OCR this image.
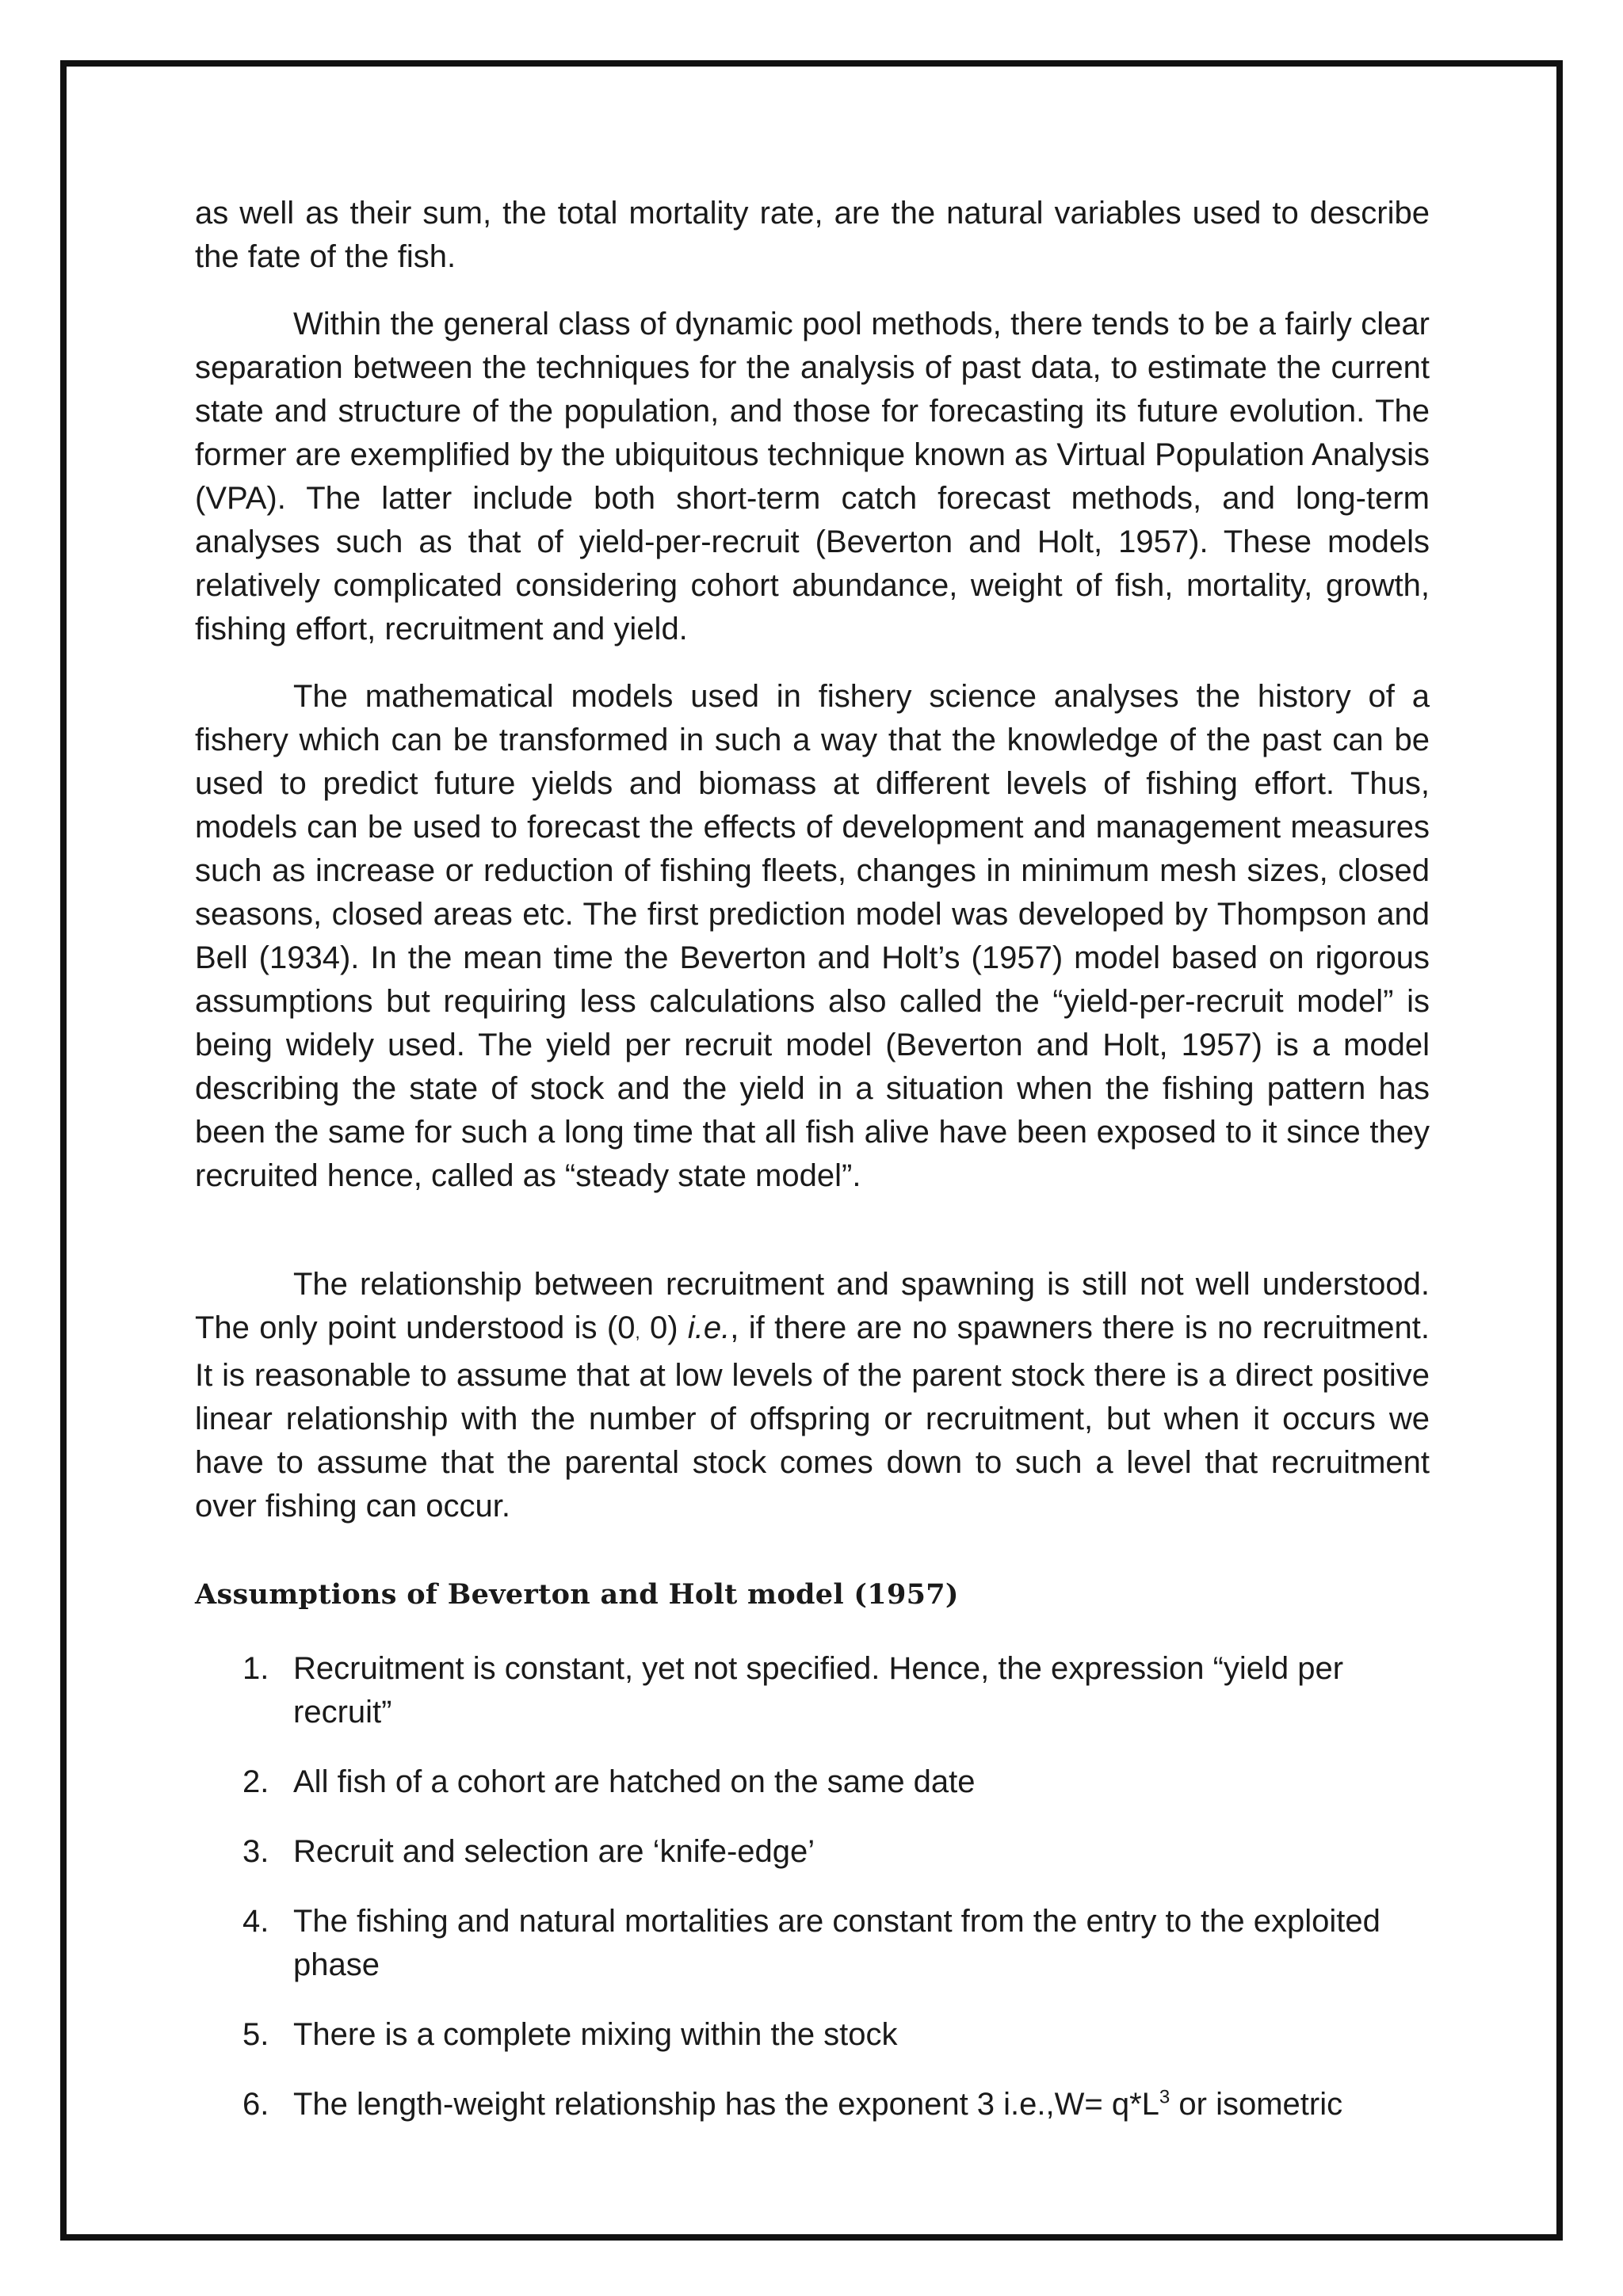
as well as their sum, the total mortality rate, are the natural variables used to describe the fate of the fish.

Within the general class of dynamic pool methods, there tends to be a fairly clear separation between the techniques for the analysis of past data, to estimate the current state and structure of the population, and those for forecasting its future evolution. The former are exemplified by the ubiquitous technique known as Virtual Population Analysis (VPA). The latter include both short-term catch forecast methods, and long-term analyses such as that of yield-per-recruit (Beverton and Holt, 1957). These models relatively complicated considering cohort abundance, weight of fish, mortality, growth, fishing effort, recruitment and yield.

The mathematical models used in fishery science analyses the history of a fishery which can be transformed in such a way that the knowledge of the past can be used to predict future yields and biomass at different levels of fishing effort. Thus, models can be used to forecast the effects of development and management measures such as increase or reduction of fishing fleets, changes in minimum mesh sizes, closed seasons, closed areas etc. The first prediction model was developed by Thompson and Bell (1934). In the mean time the Beverton and Holt’s (1957) model based on rigorous assumptions but requiring less calculations also called the “yield-per-recruit model” is being widely used. The yield per recruit model (Beverton and Holt, 1957) is a model describing the state of stock and the yield in a situation when the fishing pattern has been the same for such a long time that all fish alive have been exposed to it since they recruited hence, called as “steady state model”.

The relationship between recruitment and spawning is still not well understood. The only point understood is (0, 0) i.e., if there are no spawners there is no recruitment. It is reasonable to assume that at low levels of the parent stock there is a direct positive linear relationship with the number of offspring or recruitment, but when it occurs we have to assume that the parental stock comes down to such a level that recruitment over fishing can occur.

Assumptions of Beverton and Holt model (1957)
1. Recruitment is constant, yet not specified. Hence, the expression “yield per recruit”
2. All fish of a cohort are hatched on the same date
3. Recruit and selection are ‘knife-edge’
4. The fishing and natural mortalities are constant from the entry to the exploited phase
5. There is a complete mixing within the stock
6. The length-weight relationship has the exponent 3 $i.e.,W= q*L^3$ or isometric
